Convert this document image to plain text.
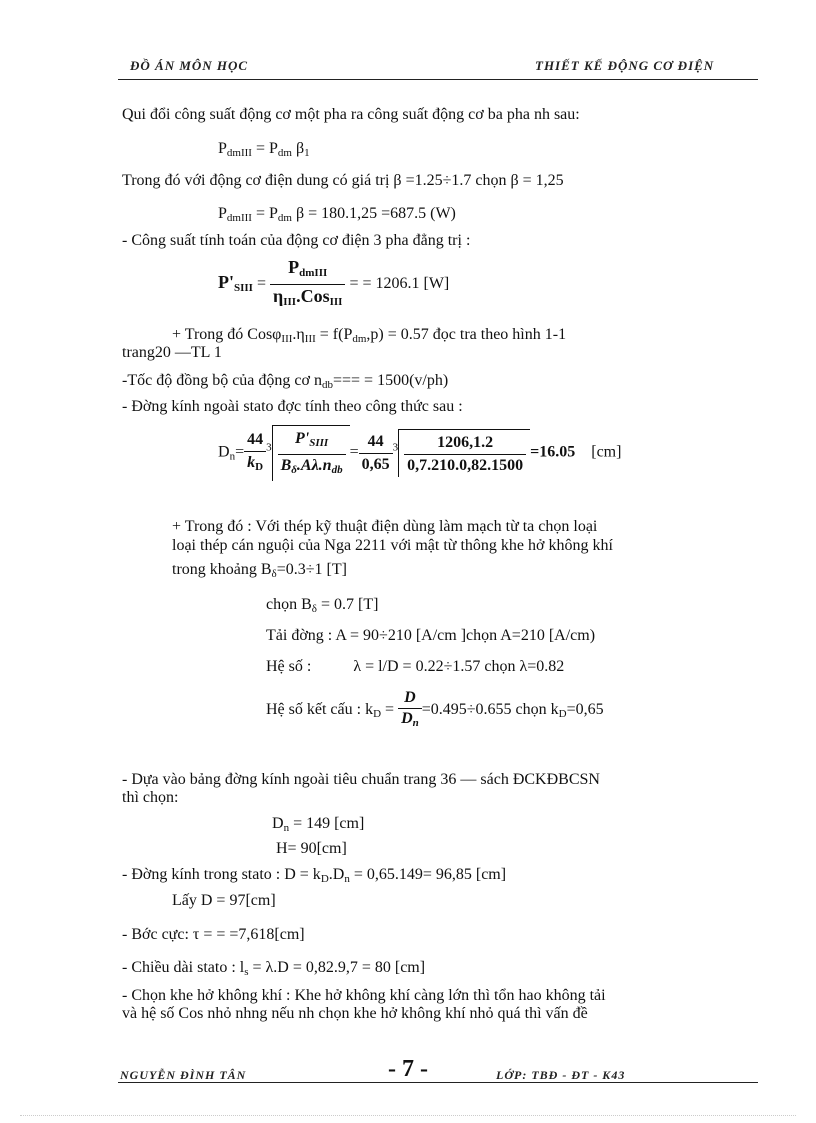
ĐỒ ÁN MÔN HỌC	THIẾT KẾ ĐỘNG CƠ ĐIỆN
Qui đổi công suất động cơ một pha ra công suất động cơ ba pha nh sau:
PdmIII = Pdm β1
Trong đó với động cơ điện dung có giá trị β =1.25÷1.7 chọn β = 1,25
PdmIII = Pdm β = 180.1,25 =687.5 (W)
- Công suất tính toán của động cơ điện 3 pha đẳng trị :
P'SIII = $\frac{\text{PdmIII}}{\text{ηIII.CosIII}}$ = = 1206.1 [W]
+ Trong đó CosφIII.ηIII = f(Pdm,p) = 0.57 đọc tra theo hình 1-1
trang20 —TL 1
-Tốc độ đồng bộ của động cơ ndb=== = 1500(v/ph)
- Đờng kính ngoài stato đợc tính theo công thức sau :
$Dn= \frac{44}{kD} ^3 \frac{\text{P'SIII}}{\text{Bδ.Aλ.ndb}} = \frac{44}{0,65} ^3 \frac{1206,1.2}{0,7.210.0,82.1500} =16.05$ [cm]
+ Trong đó : Với thép kỹ thuật điện dùng làm mạch từ ta chọn loại
loại thép cán nguội của Nga 2211 với mật từ thông khe hở không khí
trong khoảng Bδ=0.3÷1 [T]
chọn Bδ = 0.7 [T]
Tải đờng : A = 90÷210 [A/cm ]chọn A=210 [A/cm)
Hệ số :	λ = l/D = 0.22÷1.57 chọn λ=0.82
Hệ số kết cấu : kD = $\frac{D}{Dn} =0.495\div 0.655$ chọn kD=0,65
- Dựa vào bảng đờng kính ngoài tiêu chuẩn trang 36 — sách ĐCKĐBCSN
thì chọn:
Dn = 149 [cm]
H= 90[cm]
- Đờng kính trong stato : D = kD.Dn = 0,65.149= 96,85 [cm]
Lấy D = 97[cm]
- Bớc cực: τ = = =7,618[cm]
- Chiều dài stato : ls = λ.D = 0,82.9,7 = 80 [cm]
- Chọn khe hở không khí : Khe hở không khí càng lớn thì tổn hao không tải
và hệ số Cos nhỏ nhng nếu nh chọn khe hở không khí nhỏ quá thì vấn đề
NGUYỄN ĐÌNH TÂN	- 7 -	LỚP: TBĐ - ĐT - K43
